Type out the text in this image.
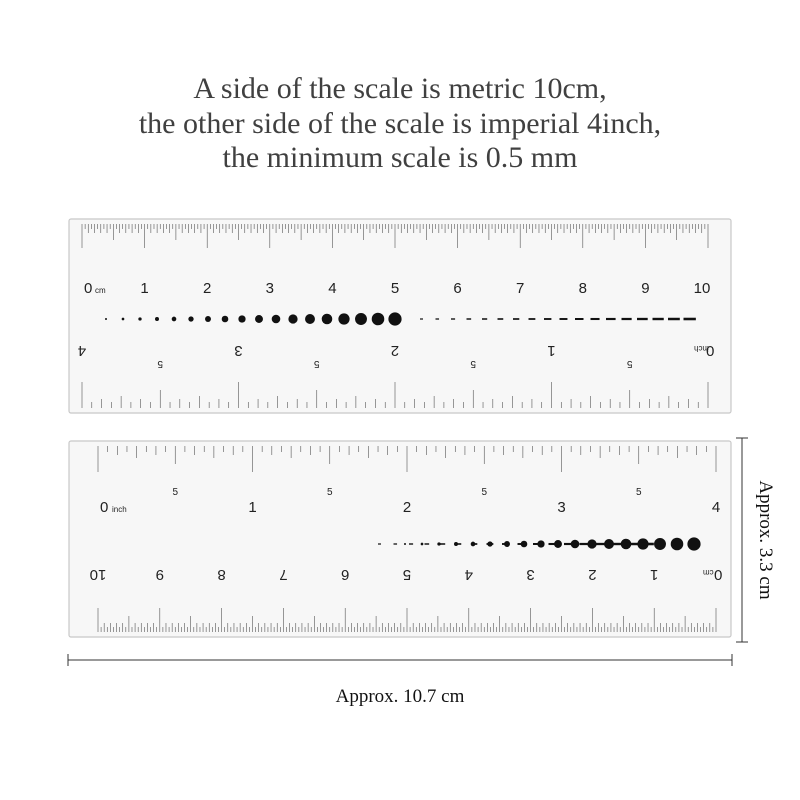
A side of the scale is metric 10cm,
the other side of the scale is imperial 4inch,
the minimum scale is 0.5 mm
0 cm 1	2	3	4	5	6	7	8	9	10
0
inch
1
2
3
4
5
5
5
5
0
cm
1
2
3
4
5
6
7
8
9
10
0 inch	1	2	3	4
5	5	5	5	Approx. 3.3 cm
Approx. 10.7 cm
